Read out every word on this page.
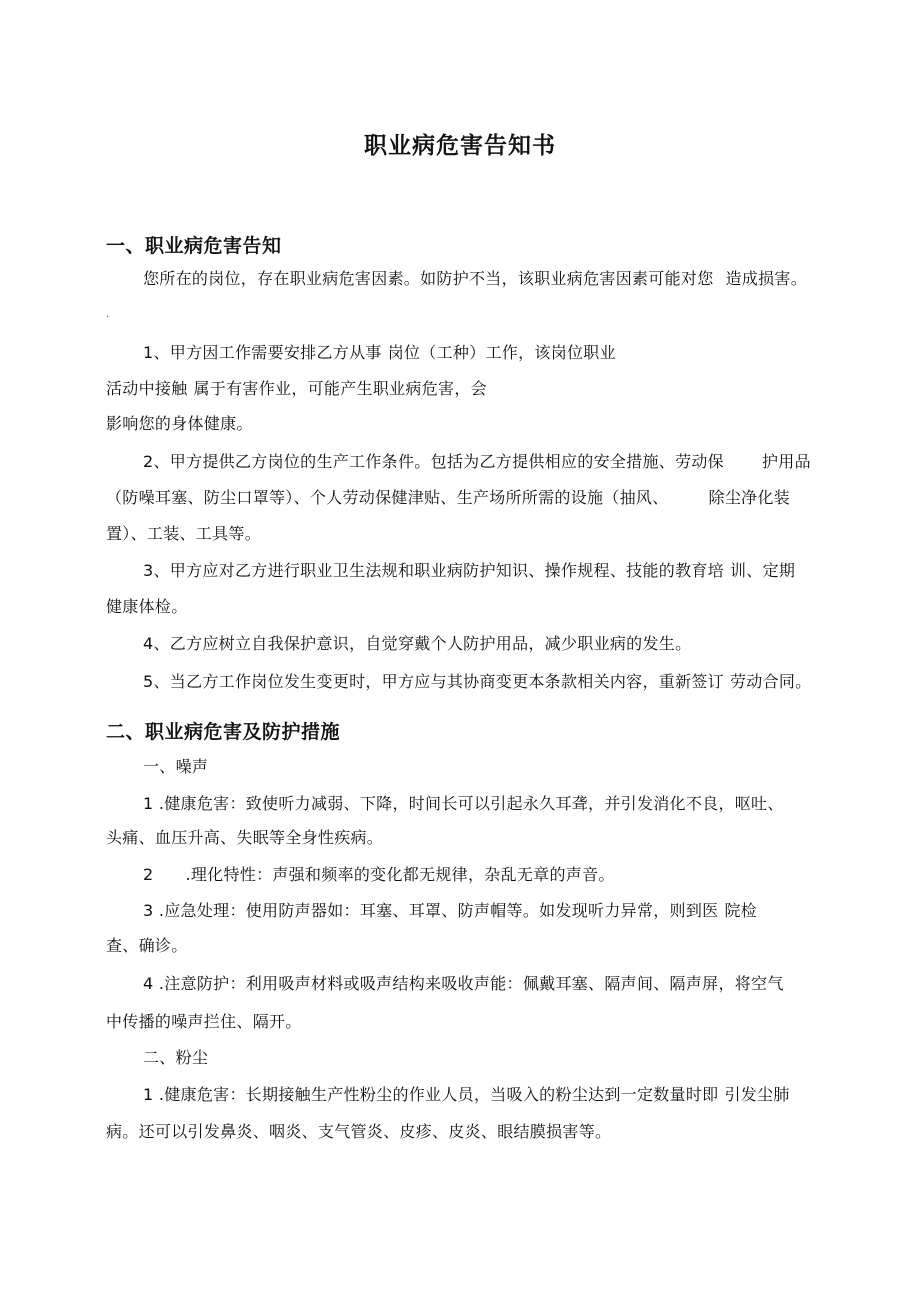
职业病危害告知书
一、职业病危害告知
您所在的岗位，存在职业病危害因素。如防护不当，该职业病危害因素可能对您 造成损害。
.
1、甲方因工作需要安排乙方从事 岗位（工种）工作，该岗位职业
活动中接触 属于有害作业，可能产生职业病危害，会
影响您的身体健康。
2、甲方提供乙方岗位的生产工作条件。包括为乙方提供相应的安全措施、劳动保 护用品
（防噪耳塞、防尘口罩等）、个人劳动保健津贴、生产场所所需的设施（抽风、	除尘净化装
置）、工装、工具等。
3、甲方应对乙方进行职业卫生法规和职业病防护知识、操作规程、技能的教育培 训、定期
健康体检。
4、乙方应树立自我保护意识，自觉穿戴个人防护用品，减少职业病的发生。
5、当乙方工作岗位发生变更时，甲方应与其协商变更本条款相关内容，重新签订 劳动合同。
二、职业病危害及防护措施
一、噪声
1 .健康危害：致使听力减弱、下降，时间长可以引起永久耳聋，并引发消化不良，呕吐、
头痛、血压升高、失眠等全身性疾病。
2 .理化特性：声强和频率的变化都无规律，杂乱无章的声音。
3 .应急处理：使用防声器如：耳塞、耳罩、防声帽等。如发现听力异常，则到医 院检
查、确诊。
4 .注意防护：利用吸声材料或吸声结构来吸收声能：佩戴耳塞、隔声间、隔声屏，将空气
中传播的噪声拦住、隔开。
二、粉尘
1 .健康危害：长期接触生产性粉尘的作业人员，当吸入的粉尘达到一定数量时即 引发尘肺
病。还可以引发鼻炎、咽炎、支气管炎、皮疹、皮炎、眼结膜损害等。
